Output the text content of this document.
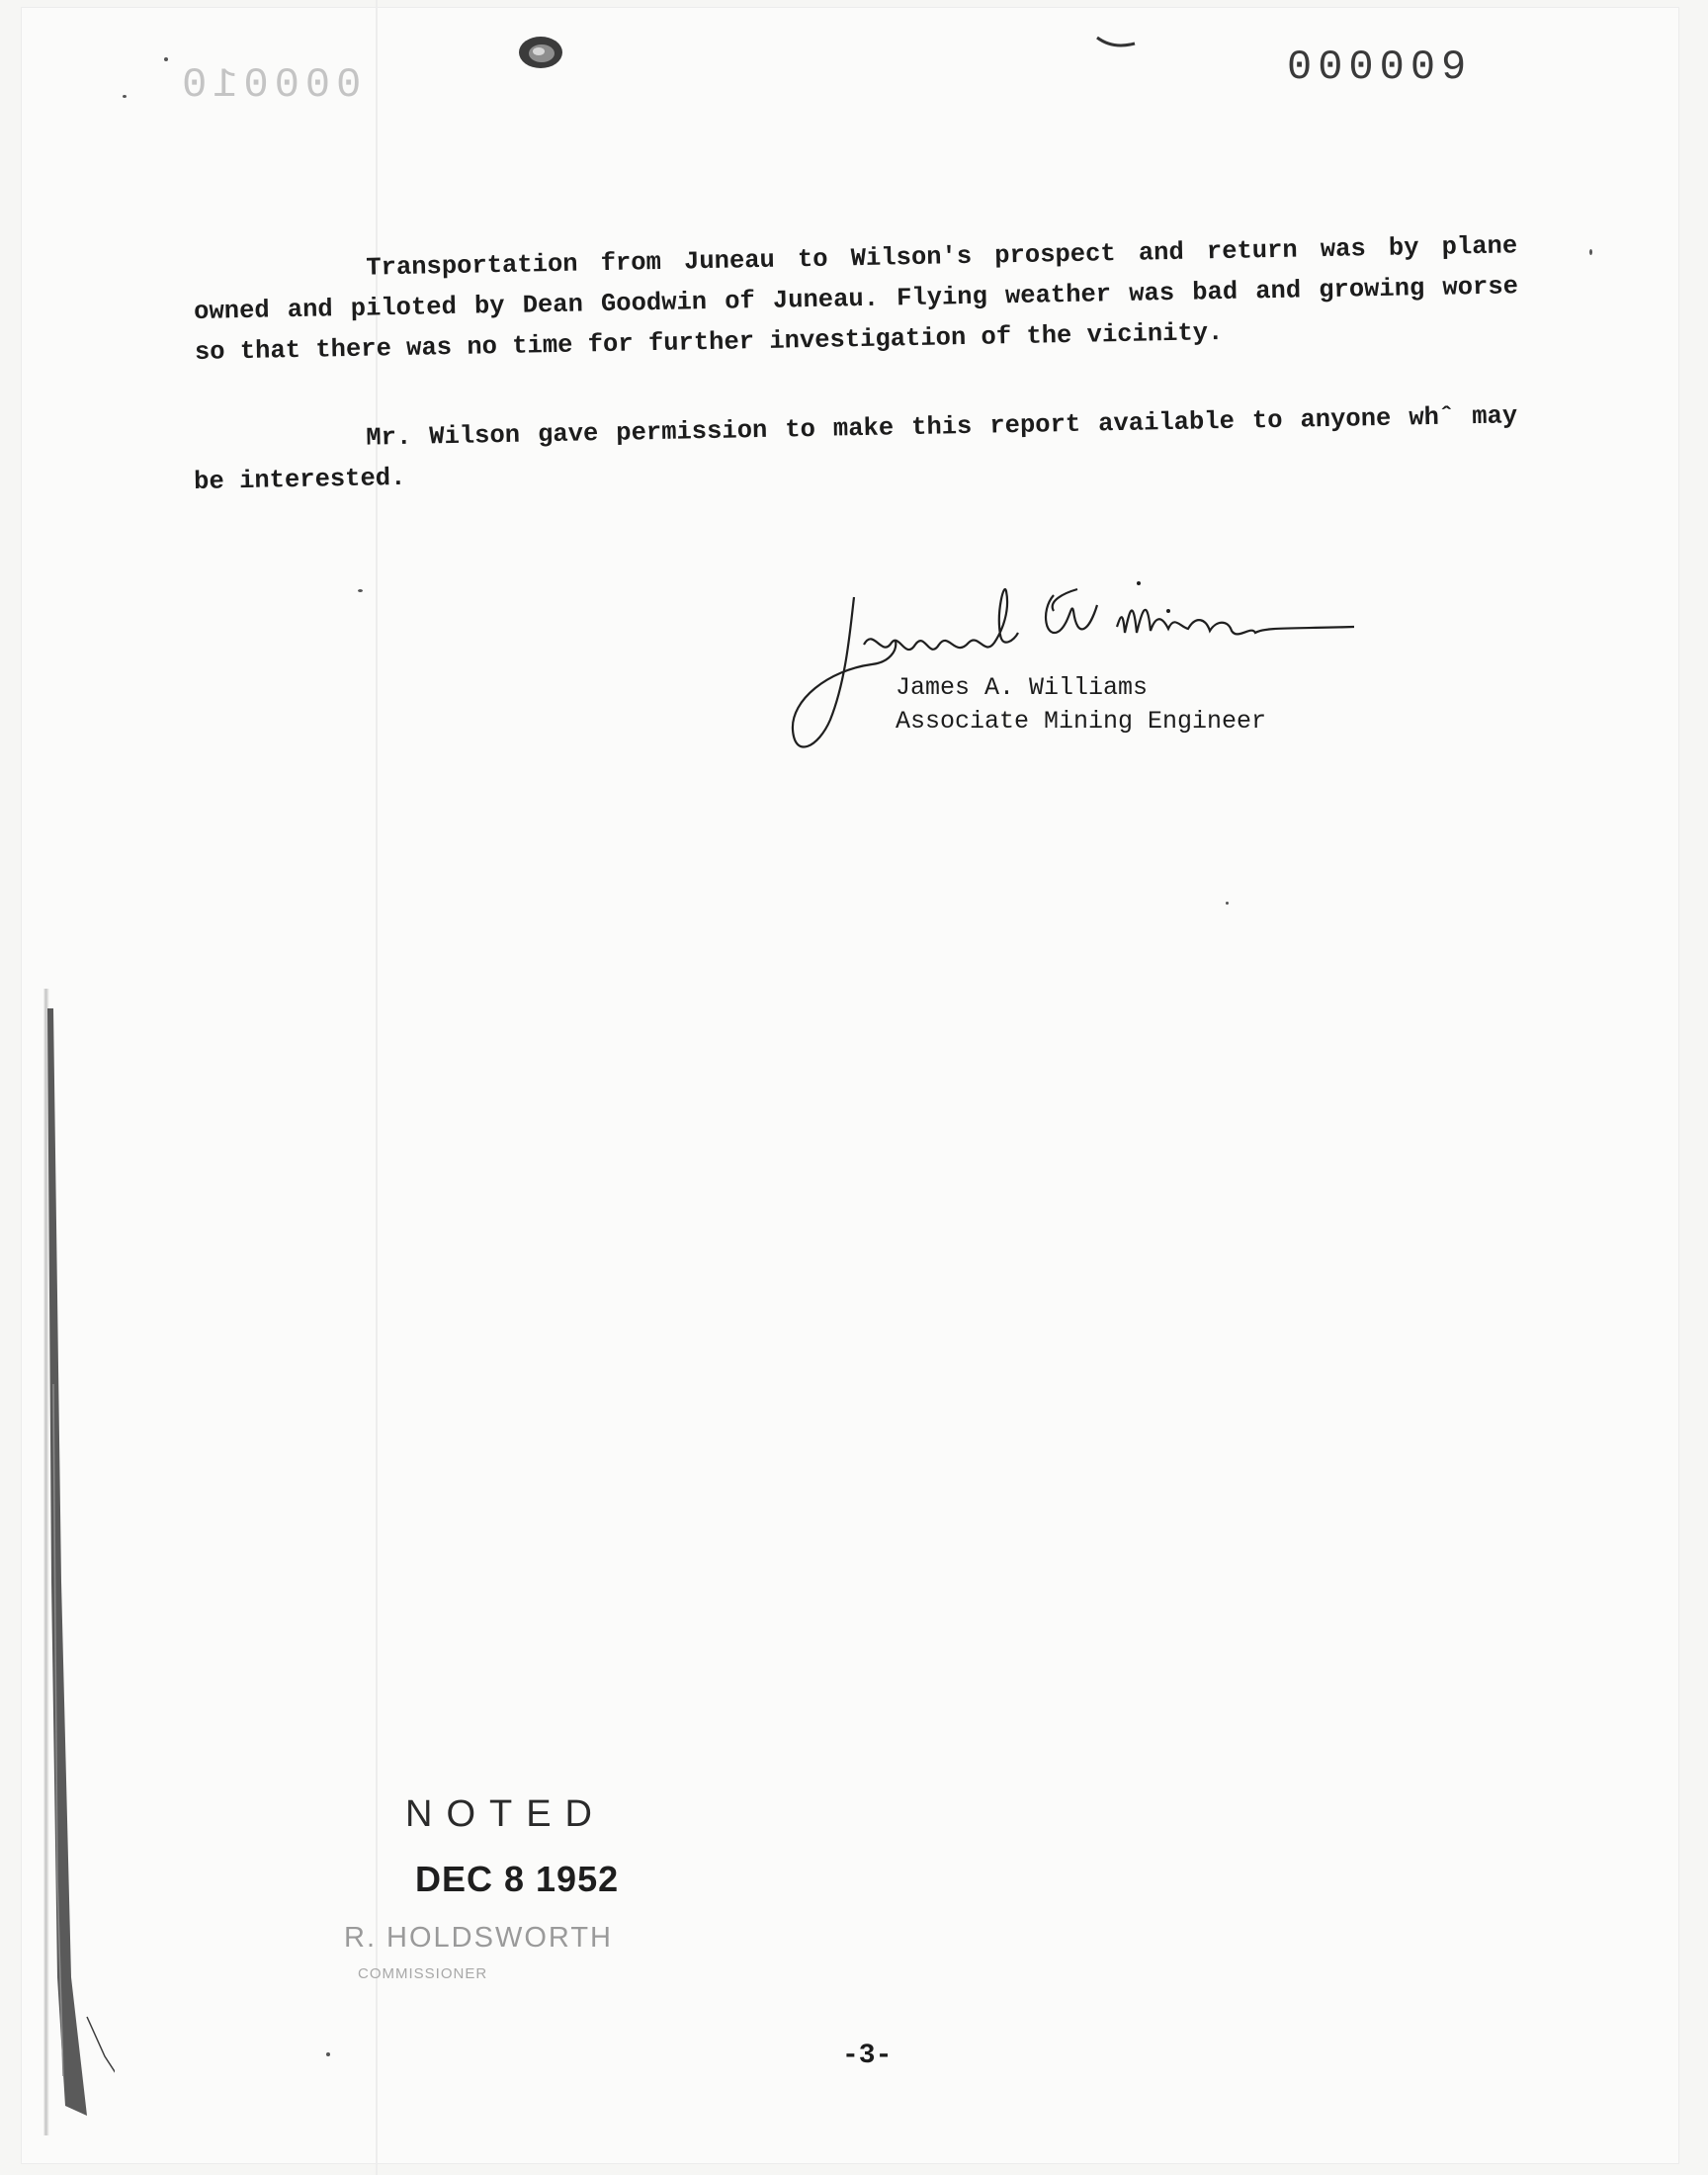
000010	000009

Transportation from Juneau to Wilson's prospect and return was by plane owned and piloted by Dean Goodwin of Juneau. Flying weather was bad and growing worse so that there was no time for further investigation of the vicinity.

Mr. Wilson gave permission to make this report available to anyone whˆ may be interested.

James A. Williams
Associate Mining Engineer
NOTED
DEC 8 1952
R. HOLDSWORTH
COMMISSIONER
-3-
